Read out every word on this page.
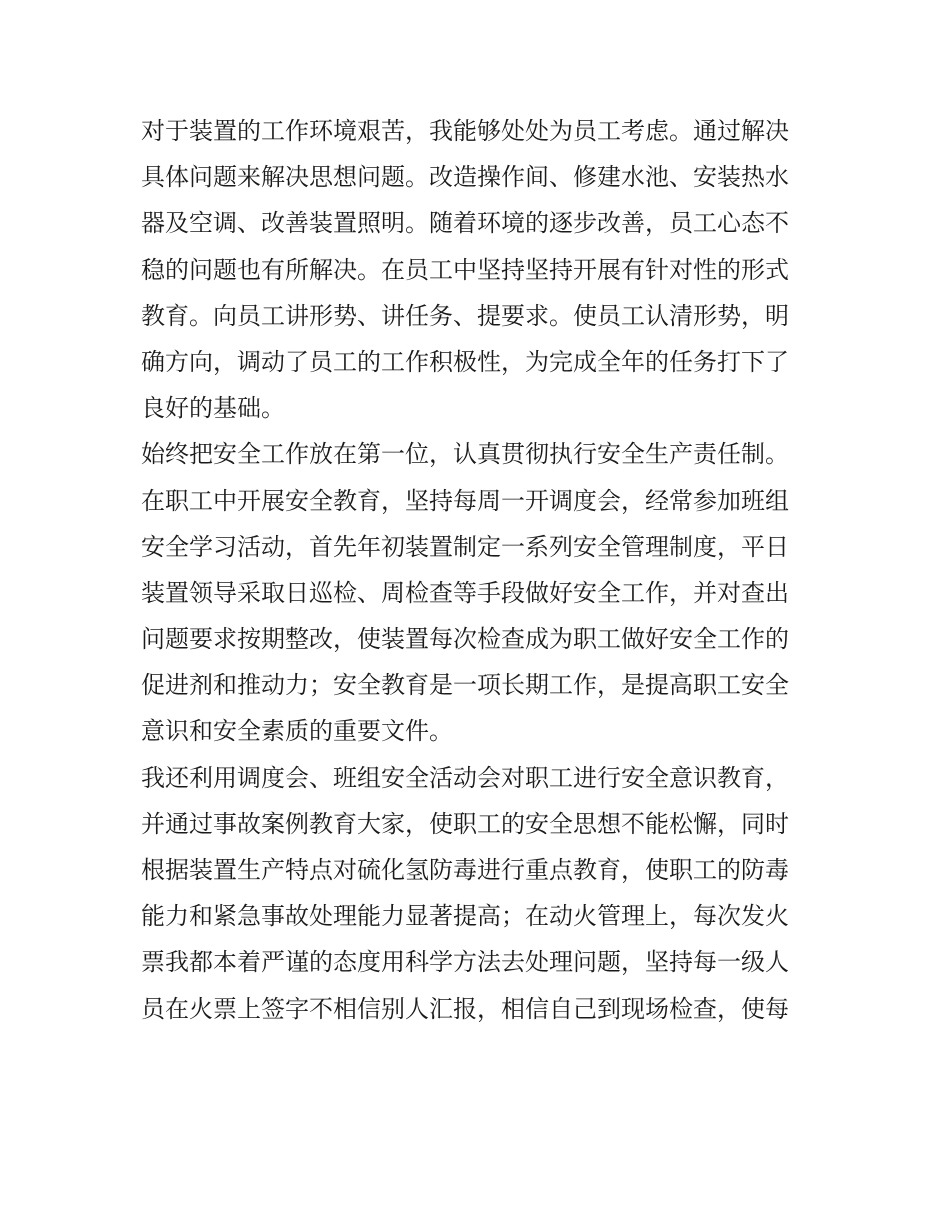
对于装置的工作环境艰苦，我能够处处为员工考虑。通过解决
具体问题来解决思想问题。改造操作间、修建水池、安装热水
器及空调、改善装置照明。随着环境的逐步改善，员工心态不
稳的问题也有所解决。在员工中坚持坚持开展有针对性的形式
教育。向员工讲形势、讲任务、提要求。使员工认清形势，明
确方向，调动了员工的工作积极性，为完成全年的任务打下了
良好的基础。
始终把安全工作放在第一位，认真贯彻执行安全生产责任制。
在职工中开展安全教育，坚持每周一开调度会，经常参加班组
安全学习活动，首先年初装置制定一系列安全管理制度，平日
装置领导采取日巡检、周检查等手段做好安全工作，并对查出
问题要求按期整改，使装置每次检查成为职工做好安全工作的
促进剂和推动力；安全教育是一项长期工作，是提高职工安全
意识和安全素质的重要文件。
我还利用调度会、班组安全活动会对职工进行安全意识教育，
并通过事故案例教育大家，使职工的安全思想不能松懈，同时
根据装置生产特点对硫化氢防毒进行重点教育，使职工的防毒
能力和紧急事故处理能力显著提高；在动火管理上，每次发火
票我都本着严谨的态度用科学方法去处理问题，坚持每一级人
员在火票上签字不相信别人汇报，相信自己到现场检查，使每
